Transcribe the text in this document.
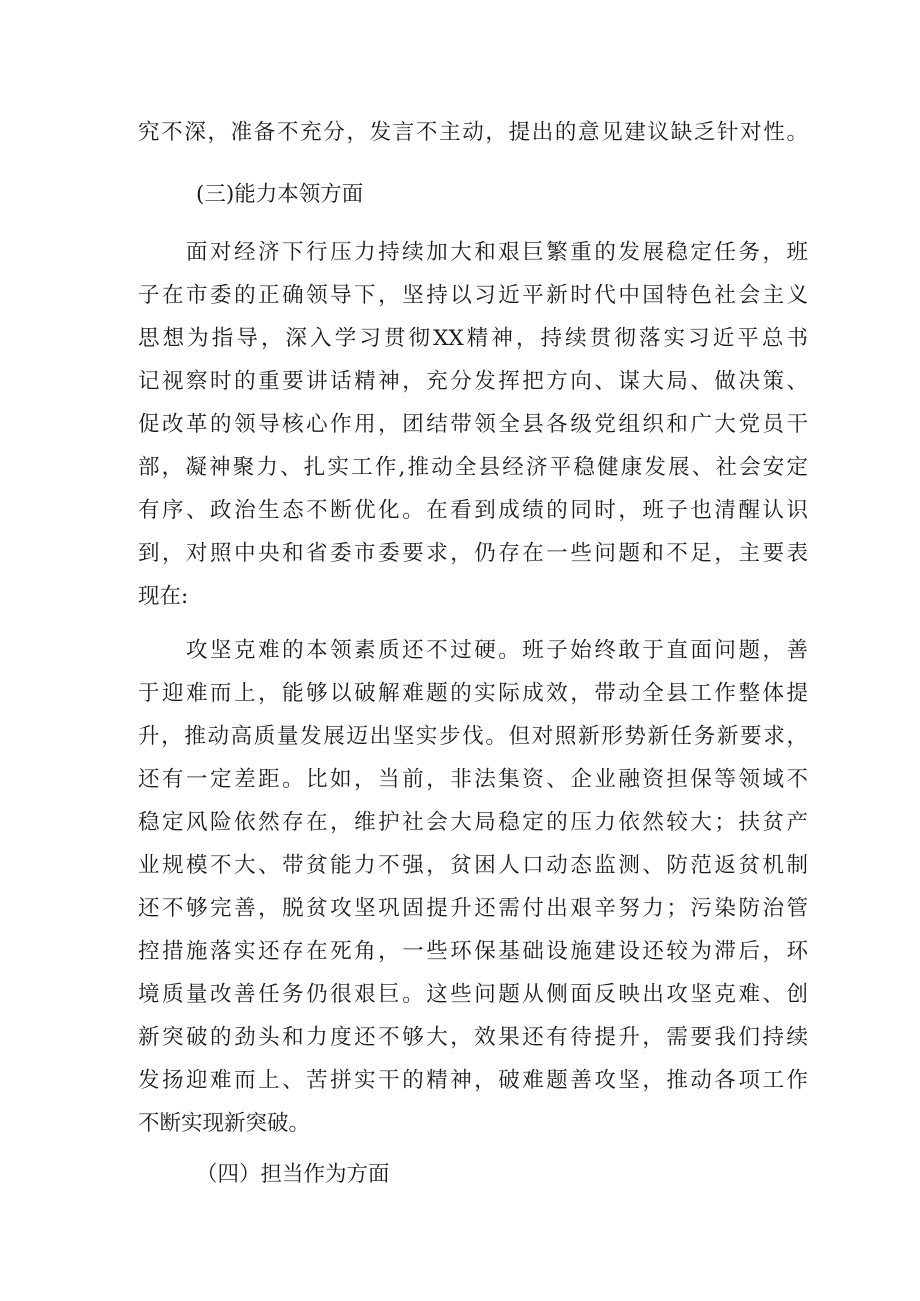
究不深，准备不充分，发言不主动，提出的意见建议缺乏针对性。
(三)能力本领方面
面对经济下行压力持续加大和艰巨繁重的发展稳定任务，班
子在市委的正确领导下，坚持以习近平新时代中国特色社会主义
思想为指导，深入学习贯彻XX精神，持续贯彻落实习近平总书
记视察时的重要讲话精神，充分发挥把方向、谋大局、做决策、
促改革的领导核心作用，团结带领全县各级党组织和广大党员干
部，凝神聚力、扎实工作,推动全县经济平稳健康发展、社会安定
有序、政治生态不断优化。在看到成绩的同时，班子也清醒认识
到，对照中央和省委市委要求，仍存在一些问题和不足，主要表
现在:
攻坚克难的本领素质还不过硬。班子始终敢于直面问题，善
于迎难而上，能够以破解难题的实际成效，带动全县工作整体提
升，推动高质量发展迈出坚实步伐。但对照新形势新任务新要求，
还有一定差距。比如，当前，非法集资、企业融资担保等领域不
稳定风险依然存在，维护社会大局稳定的压力依然较大；扶贫产
业规模不大、带贫能力不强，贫困人口动态监测、防范返贫机制
还不够完善，脱贫攻坚巩固提升还需付出艰辛努力；污染防治管
控措施落实还存在死角，一些环保基础设施建设还较为滞后，环
境质量改善任务仍很艰巨。这些问题从侧面反映出攻坚克难、创
新突破的劲头和力度还不够大，效果还有待提升，需要我们持续
发扬迎难而上、苦拼实干的精神，破难题善攻坚，推动各项工作
不断实现新突破。
（四）担当作为方面
